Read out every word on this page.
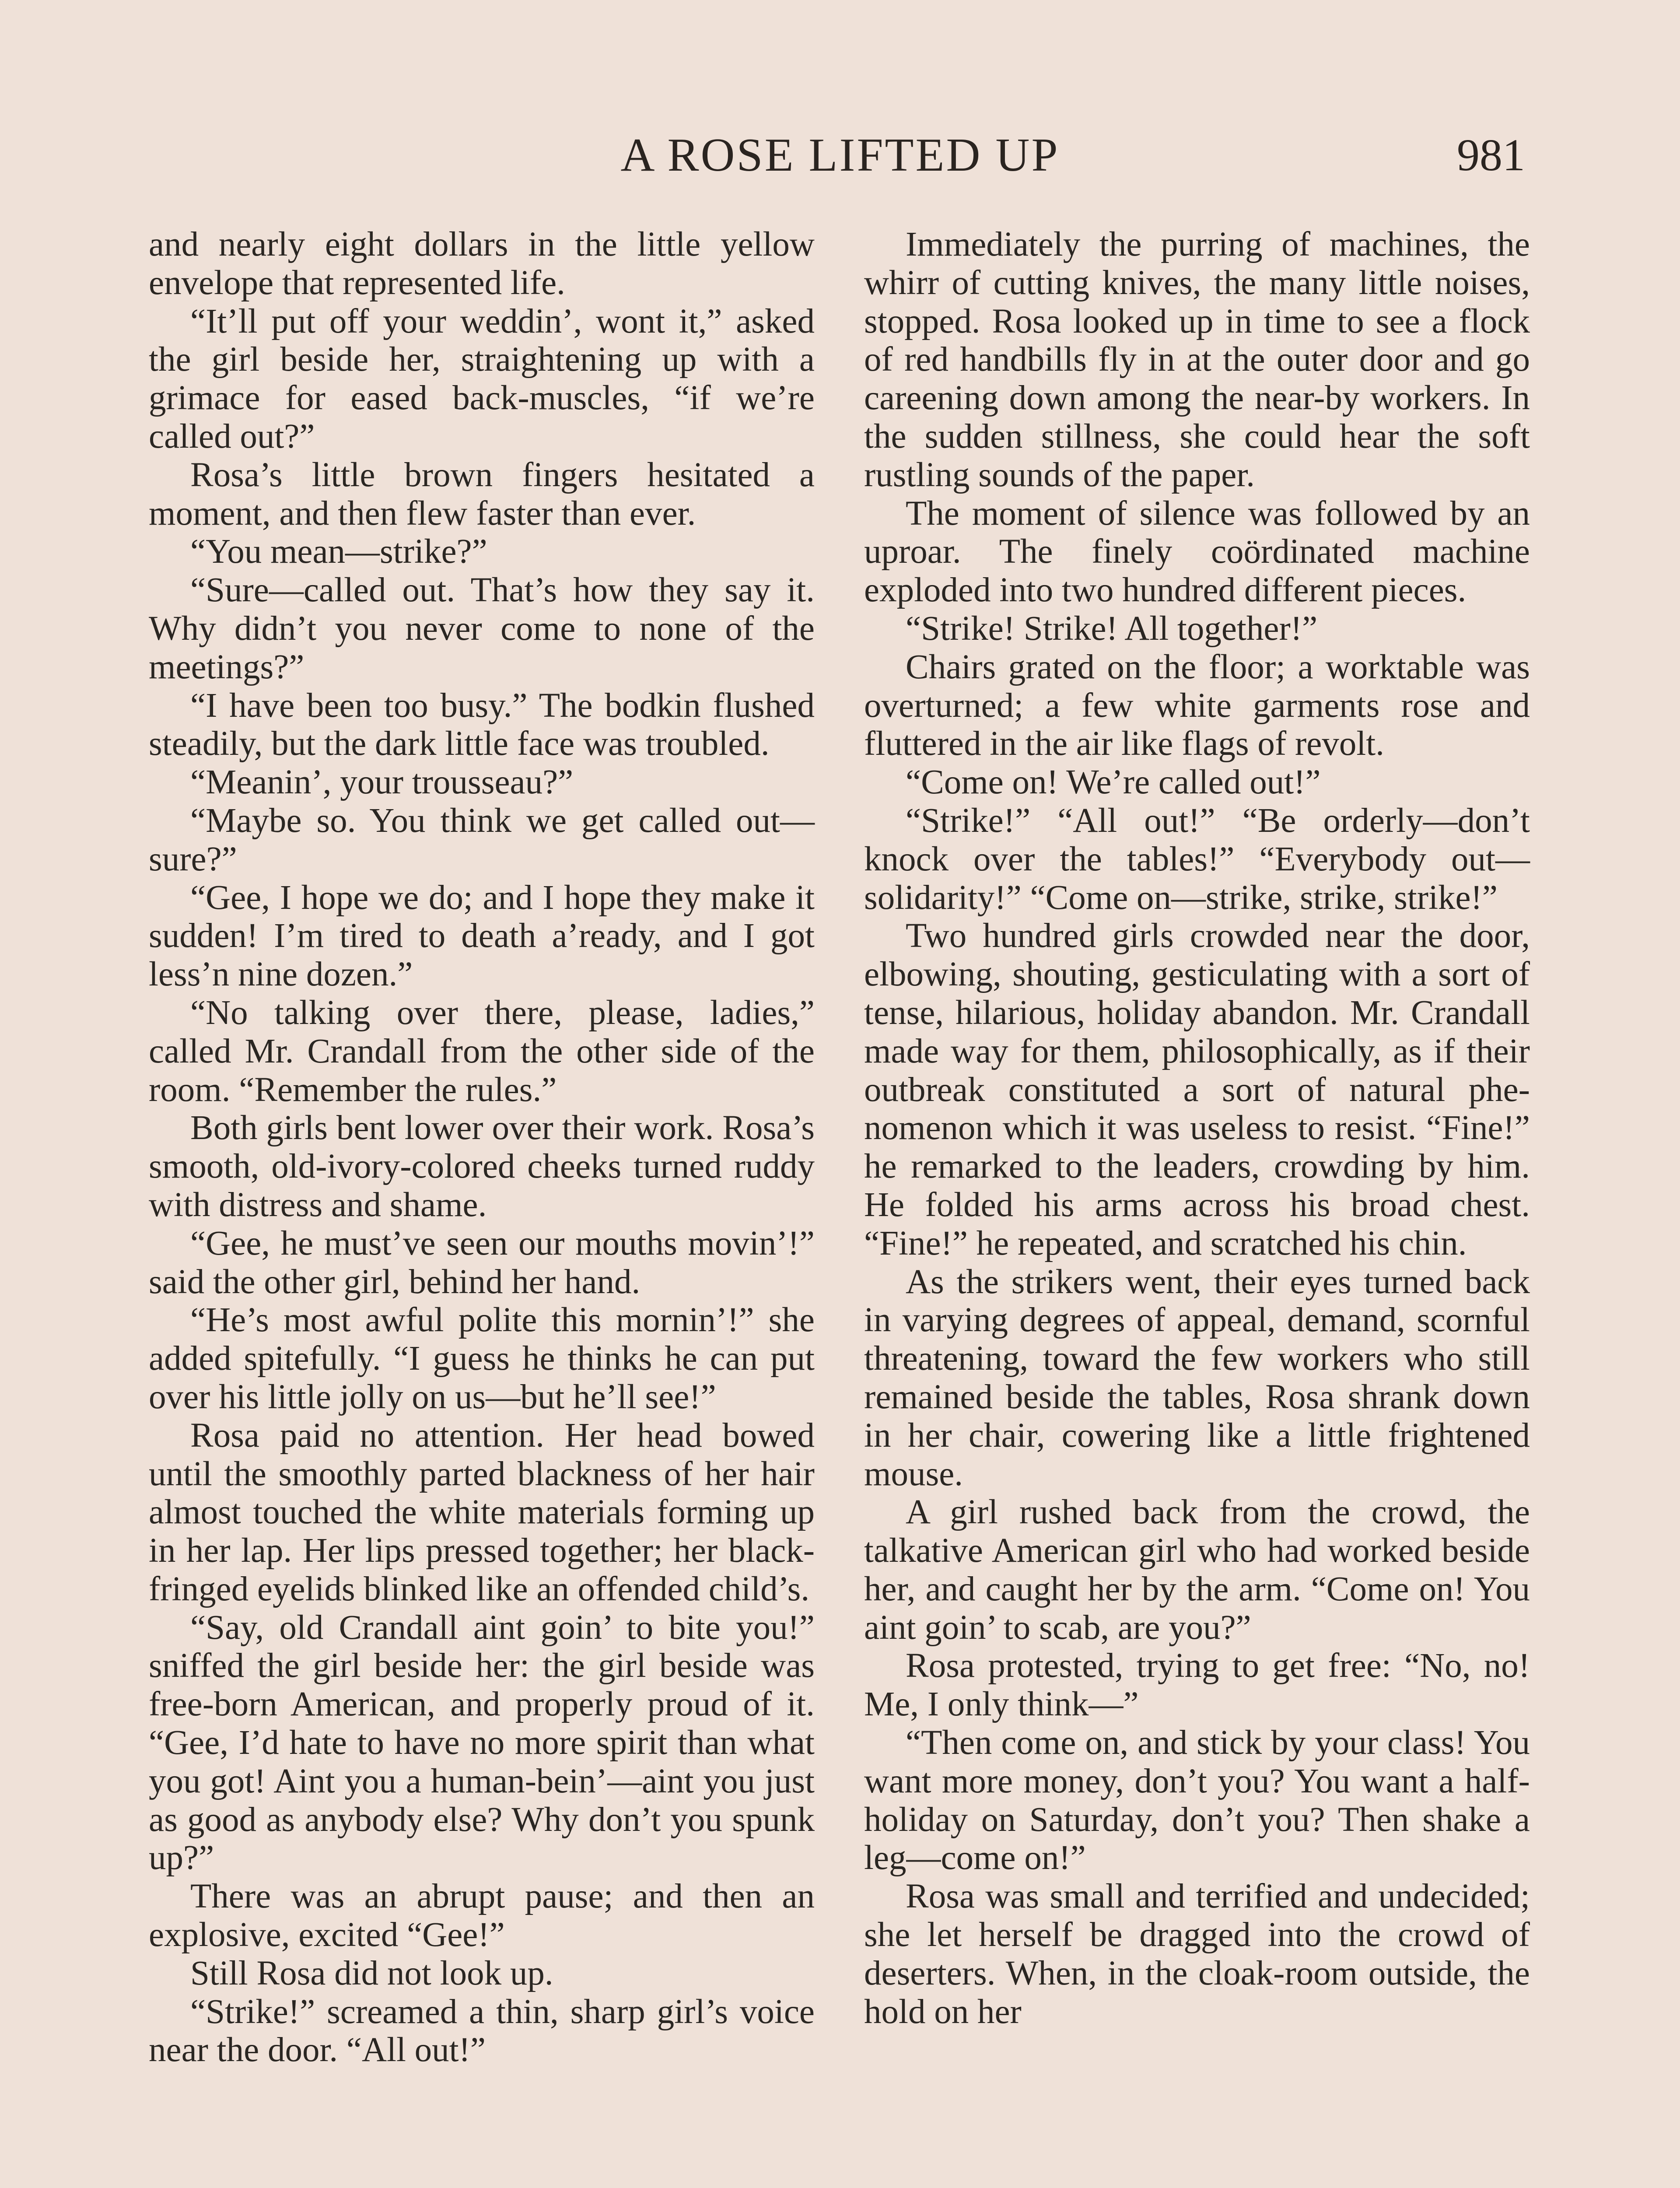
A ROSE LIFTED UP	981

and nearly eight dollars in the little yellow envelope that represented life.

“It’ll put off your weddin’, wont it,” asked the girl beside her, straightening up with a grimace for eased back-muscles, “if we’re called out?”

Rosa’s little brown fingers hesitated a moment, and then flew faster than ever.

“You mean—strike?”

“Sure—called out. That’s how they say it. Why didn’t you never come to none of the meetings?”

“I have been too busy.” The bodkin flushed steadily, but the dark little face was troubled.

“Meanin’, your trousseau?”

“Maybe so. You think we get called out—sure?”

“Gee, I hope we do; and I hope they make it sudden! I’m tired to death a’ready, and I got less’n nine dozen.”

“No talking over there, please, ladies,” called Mr. Crandall from the other side of the room. “Remember the rules.”

Both girls bent lower over their work. Rosa’s smooth, old-ivory-colored cheeks turned ruddy with distress and shame.

“Gee, he must’ve seen our mouths movin’!” said the other girl, behind her hand.

“He’s most awful polite this mornin’!” she added spitefully. “I guess he thinks he can put over his little jolly on us—but he’ll see!”

Rosa paid no attention. Her head bowed until the smoothly parted blackness of her hair almost touched the white materials forming up in her lap. Her lips pressed together; her black-fringed eyelids blinked like an offended child’s.

“Say, old Crandall aint goin’ to bite you!” sniffed the girl beside her: the girl beside was free-born American, and properly proud of it. “Gee, I’d hate to have no more spirit than what you got! Aint you a human-bein’—aint you just as good as anybody else? Why don’t you spunk up?”

There was an abrupt pause; and then an explosive, excited “Gee!”

Still Rosa did not look up.

“Strike!” screamed a thin, sharp girl’s voice near the door. “All out!”

Immediately the purring of machines, the whirr of cutting knives, the many little noises, stopped. Rosa looked up in time to see a flock of red handbills fly in at the outer door and go careening down among the near-by workers. In the sudden stillness, she could hear the soft rustling sounds of the paper.

The moment of silence was followed by an uproar. The finely coördinated machine exploded into two hundred different pieces.

“Strike! Strike! All together!”

Chairs grated on the floor; a worktable was overturned; a few white garments rose and fluttered in the air like flags of revolt.

“Come on! We’re called out!”

“Strike!” “All out!” “Be orderly—don’t knock over the tables!” “Everybody out—solidarity!” “Come on—strike, strike, strike!”

Two hundred girls crowded near the door, elbowing, shouting, gesticulating with a sort of tense, hilarious, holiday abandon. Mr. Crandall made way for them, philosophically, as if their outbreak constituted a sort of natural phenomenon which it was useless to resist. “Fine!” he remarked to the leaders, crowding by him. He folded his arms across his broad chest. “Fine!” he repeated, and scratched his chin.

As the strikers went, their eyes turned back in varying degrees of appeal, demand, scornful threatening, toward the few workers who still remained beside the tables, Rosa shrank down in her chair, cowering like a little frightened mouse.

A girl rushed back from the crowd, the talkative American girl who had worked beside her, and caught her by the arm. “Come on! You aint goin’ to scab, are you?”

Rosa protested, trying to get free: “No, no! Me, I only think—”

“Then come on, and stick by your class! You want more money, don’t you? You want a half-holiday on Saturday, don’t you? Then shake a leg—come on!”

Rosa was small and terrified and undecided; she let herself be dragged into the crowd of deserters. When, in the cloak-room outside, the hold on her
